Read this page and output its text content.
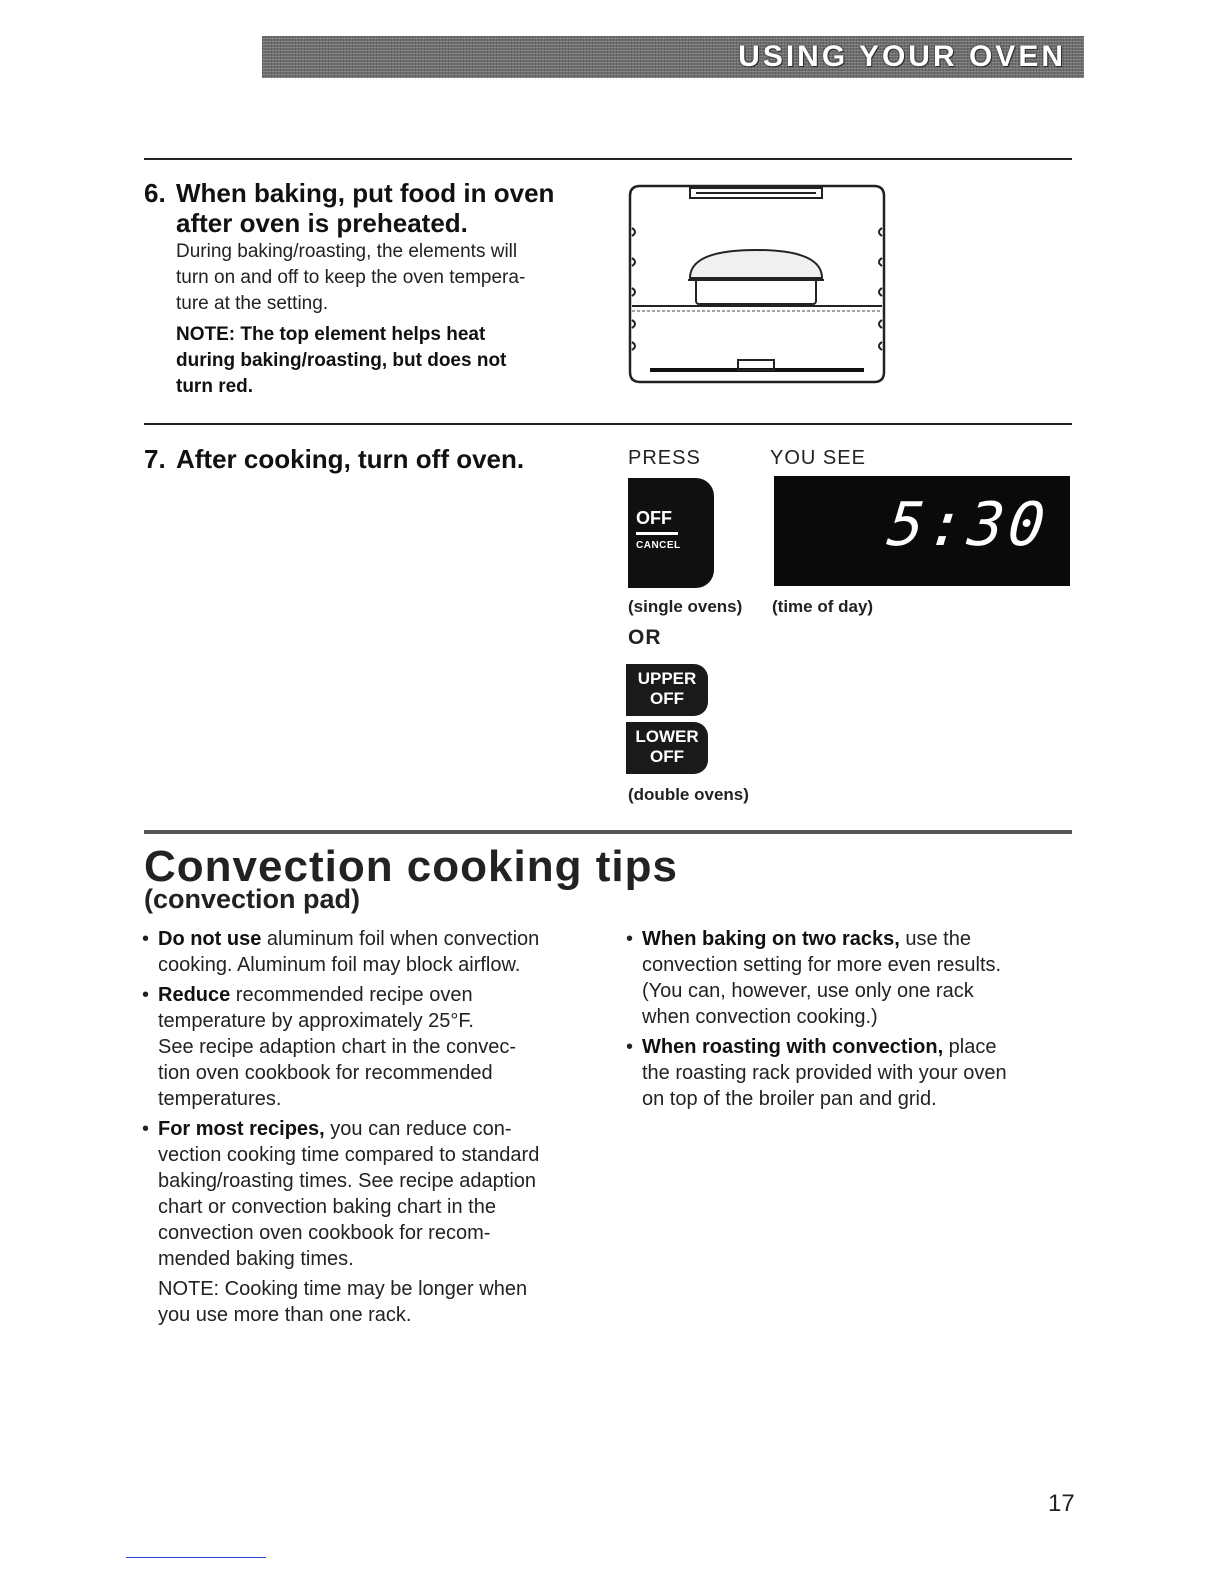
USING YOUR OVEN
6. When baking, put food in oven
after oven is preheated.
During baking/roasting, the elements will
turn on and off to keep the oven tempera-
ture at the setting.
NOTE: The top element helps heat
during baking/roasting, but does not
turn red.
7. After cooking, turn off oven.	PRESS	YOU SEE
OFF
CANCEL	5:30
(single ovens) (time of day)
OR
UPPER
OFF
LOWER
OFF
(double ovens)
Convection cooking tips
(convection pad)
• Do not use aluminum foil when convection
cooking. Aluminum foil may block airflow.
• Reduce recommended recipe oven
temperature by approximately 25°F.
See recipe adaption chart in the convec-
tion oven cookbook for recommended
temperatures.
• For most recipes, you can reduce con-
vection cooking time compared to standard
baking/roasting times. See recipe adaption
chart or convection baking chart in the
convection oven cookbook for recom-
mended baking times.
NOTE: Cooking time may be longer when
you use more than one rack.
• When baking on two racks, use the
convection setting for more even results.
(You can, however, use only one rack
when convection cooking.)
• When roasting with convection, place
the roasting rack provided with your oven
on top of the broiler pan and grid.
17
